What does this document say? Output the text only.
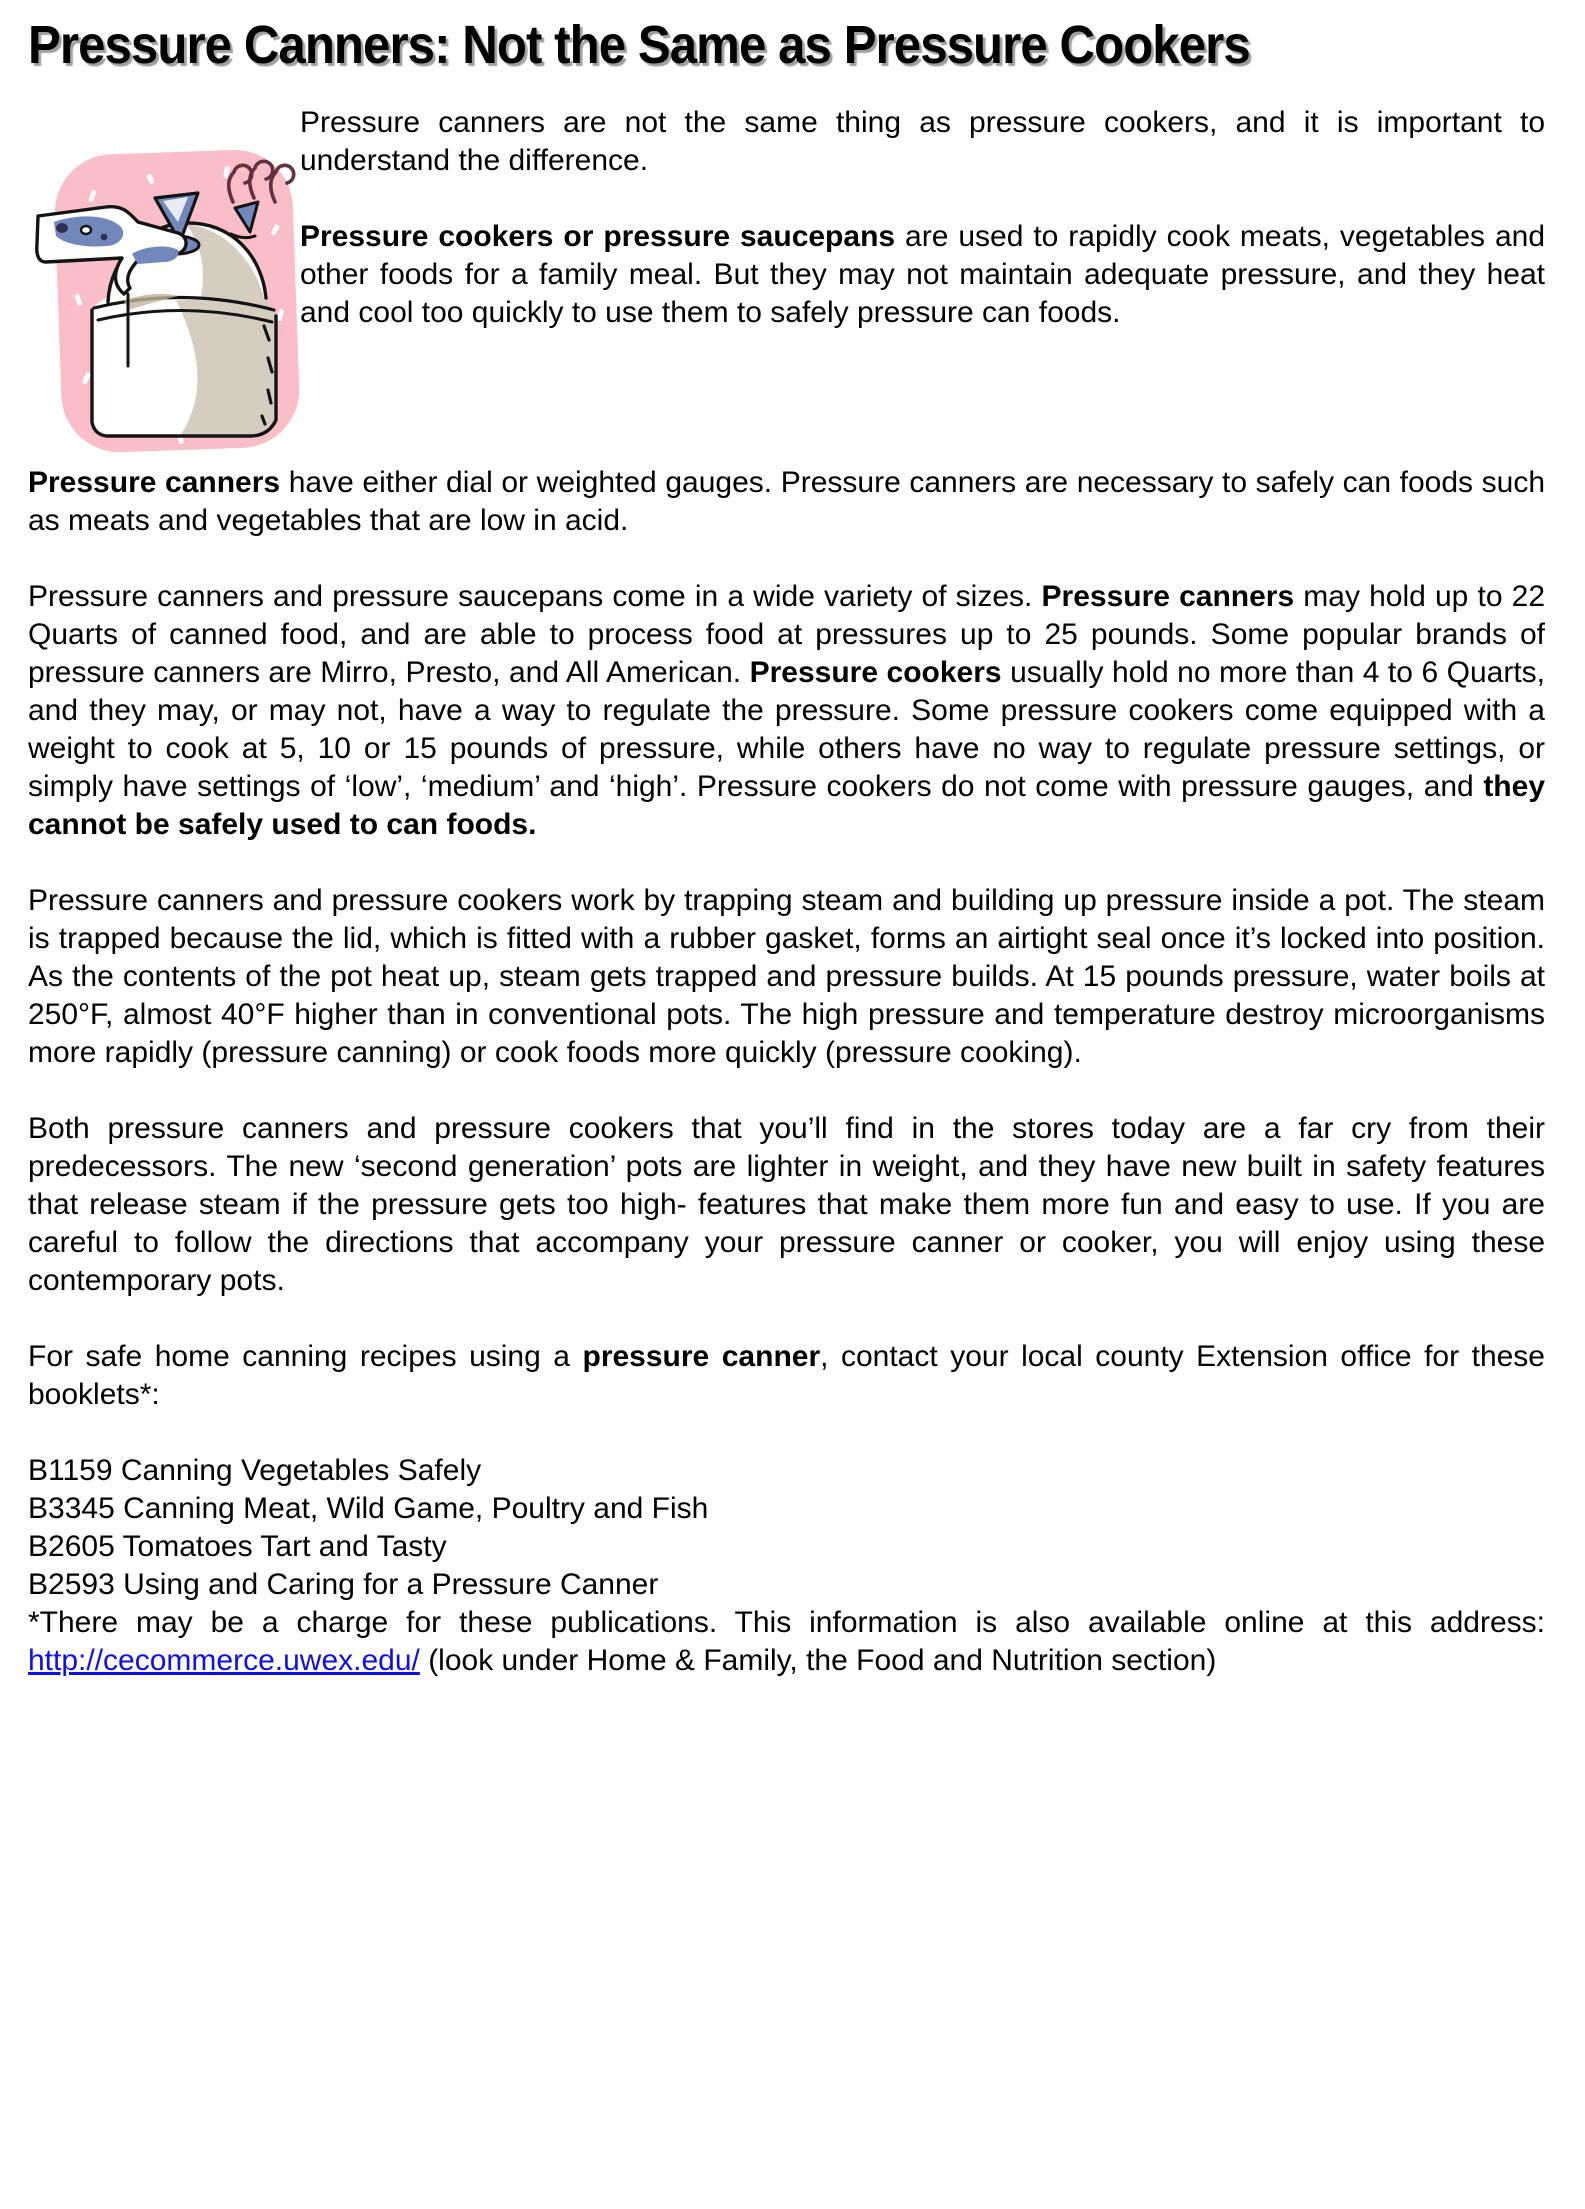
Pressure Canners: Not the Same as Pressure Cookers

Pressure canners are not the same thing as pressure cookers, and it is important to understand the difference.

Pressure cookers or pressure saucepans are used to rapidly cook meats, vegetables and other foods for a family meal. But they may not maintain adequate pressure, and they heat and cool too quickly to use them to safely pressure can foods.

Pressure canners have either dial or weighted gauges. Pressure canners are necessary to safely can foods such as meats and vegetables that are low in acid.

Pressure canners and pressure saucepans come in a wide variety of sizes. Pressure canners may hold up to 22 Quarts of canned food, and are able to process food at pressures up to 25 pounds. Some popular brands of pressure canners are Mirro, Presto, and All American. Pressure cookers usually hold no more than 4 to 6 Quarts, and they may, or may not, have a way to regulate the pressure. Some pressure cookers come equipped with a weight to cook at 5, 10 or 15 pounds of pressure, while others have no way to regulate pressure settings, or simply have settings of ‘low’, ‘medium’ and ‘high’. Pressure cookers do not come with pressure gauges, and they cannot be safely used to can foods.

Pressure canners and pressure cookers work by trapping steam and building up pressure inside a pot. The steam is trapped because the lid, which is fitted with a rubber gasket, forms an airtight seal once it’s locked into position. As the contents of the pot heat up, steam gets trapped and pressure builds. At 15 pounds pressure, water boils at 250°F, almost 40°F higher than in conventional pots. The high pressure and temperature destroy microorganisms more rapidly (pressure canning) or cook foods more quickly (pressure cooking).

Both pressure canners and pressure cookers that you’ll find in the stores today are a far cry from their predecessors. The new ‘second generation’ pots are lighter in weight, and they have new built in safety features that release steam if the pressure gets too high- features that make them more fun and easy to use. If you are careful to follow the directions that accompany your pressure canner or cooker, you will enjoy using these contemporary pots.

For safe home canning recipes using a pressure canner, contact your local county Extension office for these booklets*:

B1159 Canning Vegetables Safely
B3345 Canning Meat, Wild Game, Poultry and Fish
B2605 Tomatoes Tart and Tasty
B2593 Using and Caring for a Pressure Canner

*There may be a charge for these publications. This information is also available online at this address: http://cecommerce.uwex.edu/ (look under Home & Family, the Food and Nutrition section)
